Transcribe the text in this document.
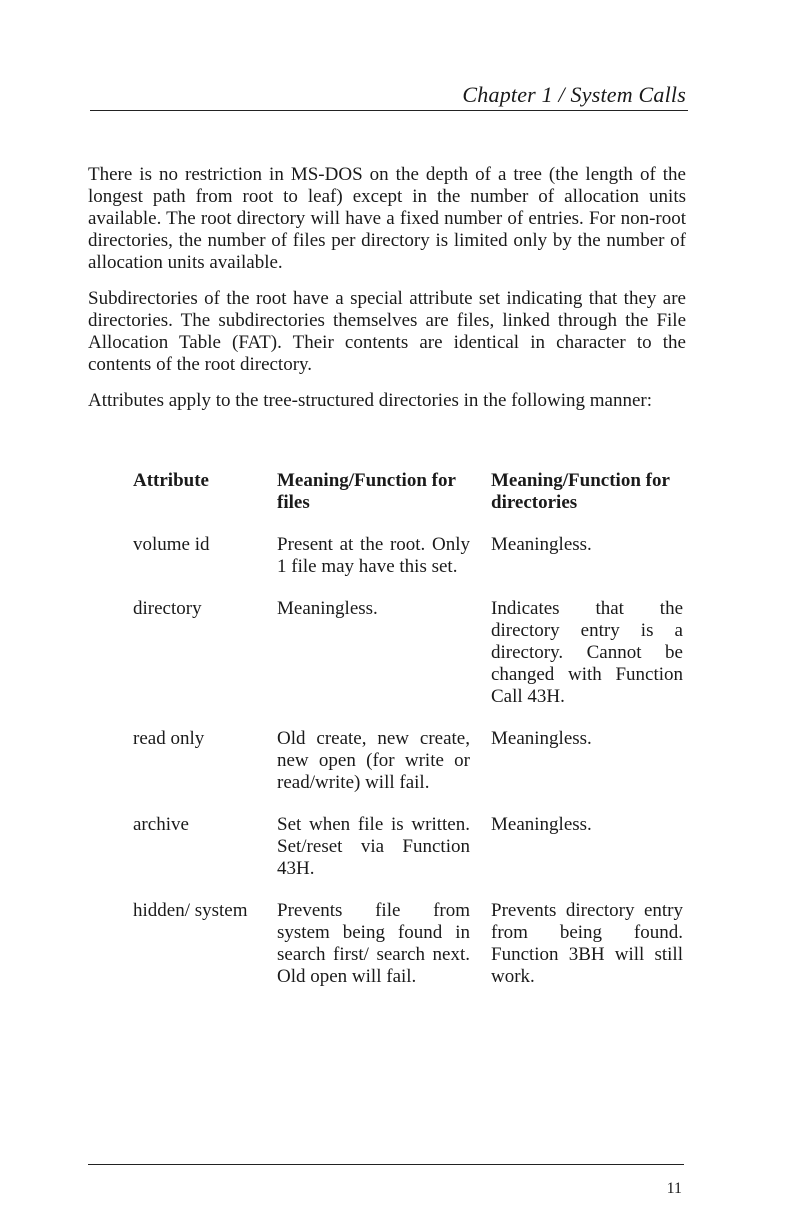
Chapter 1 / System Calls

There is no restriction in MS-DOS on the depth of a tree (the length of the longest path from root to leaf) except in the number of allocation units available. The root directory will have a fixed number of entries. For non-root directories, the number of files per directory is limited only by the number of allocation units available.

Subdirectories of the root have a special attribute set indicating that they are directories. The subdirectories themselves are files, linked through the File Allocation Table (FAT). Their contents are identical in character to the contents of the root directory.

Attributes apply to the tree-structured directories in the following manner:

Attribute	Meaning/Function for files	Meaning/Function for directories
volume id	Present at the root. Only 1 file may have this set.	Meaningless.
directory	Meaningless.	Indicates that the directory entry is a directory. Cannot be changed with Function Call 43H.
read only	Old create, new create, new open (for write or read/write) will fail.	Meaningless.
archive	Set when file is written. Set/reset via Function 43H.	Meaningless.
hidden/ system	Prevents file from system being found in search first/ search next. Old open will fail.	Prevents directory entry from being found. Function 3BH will still work.
11
